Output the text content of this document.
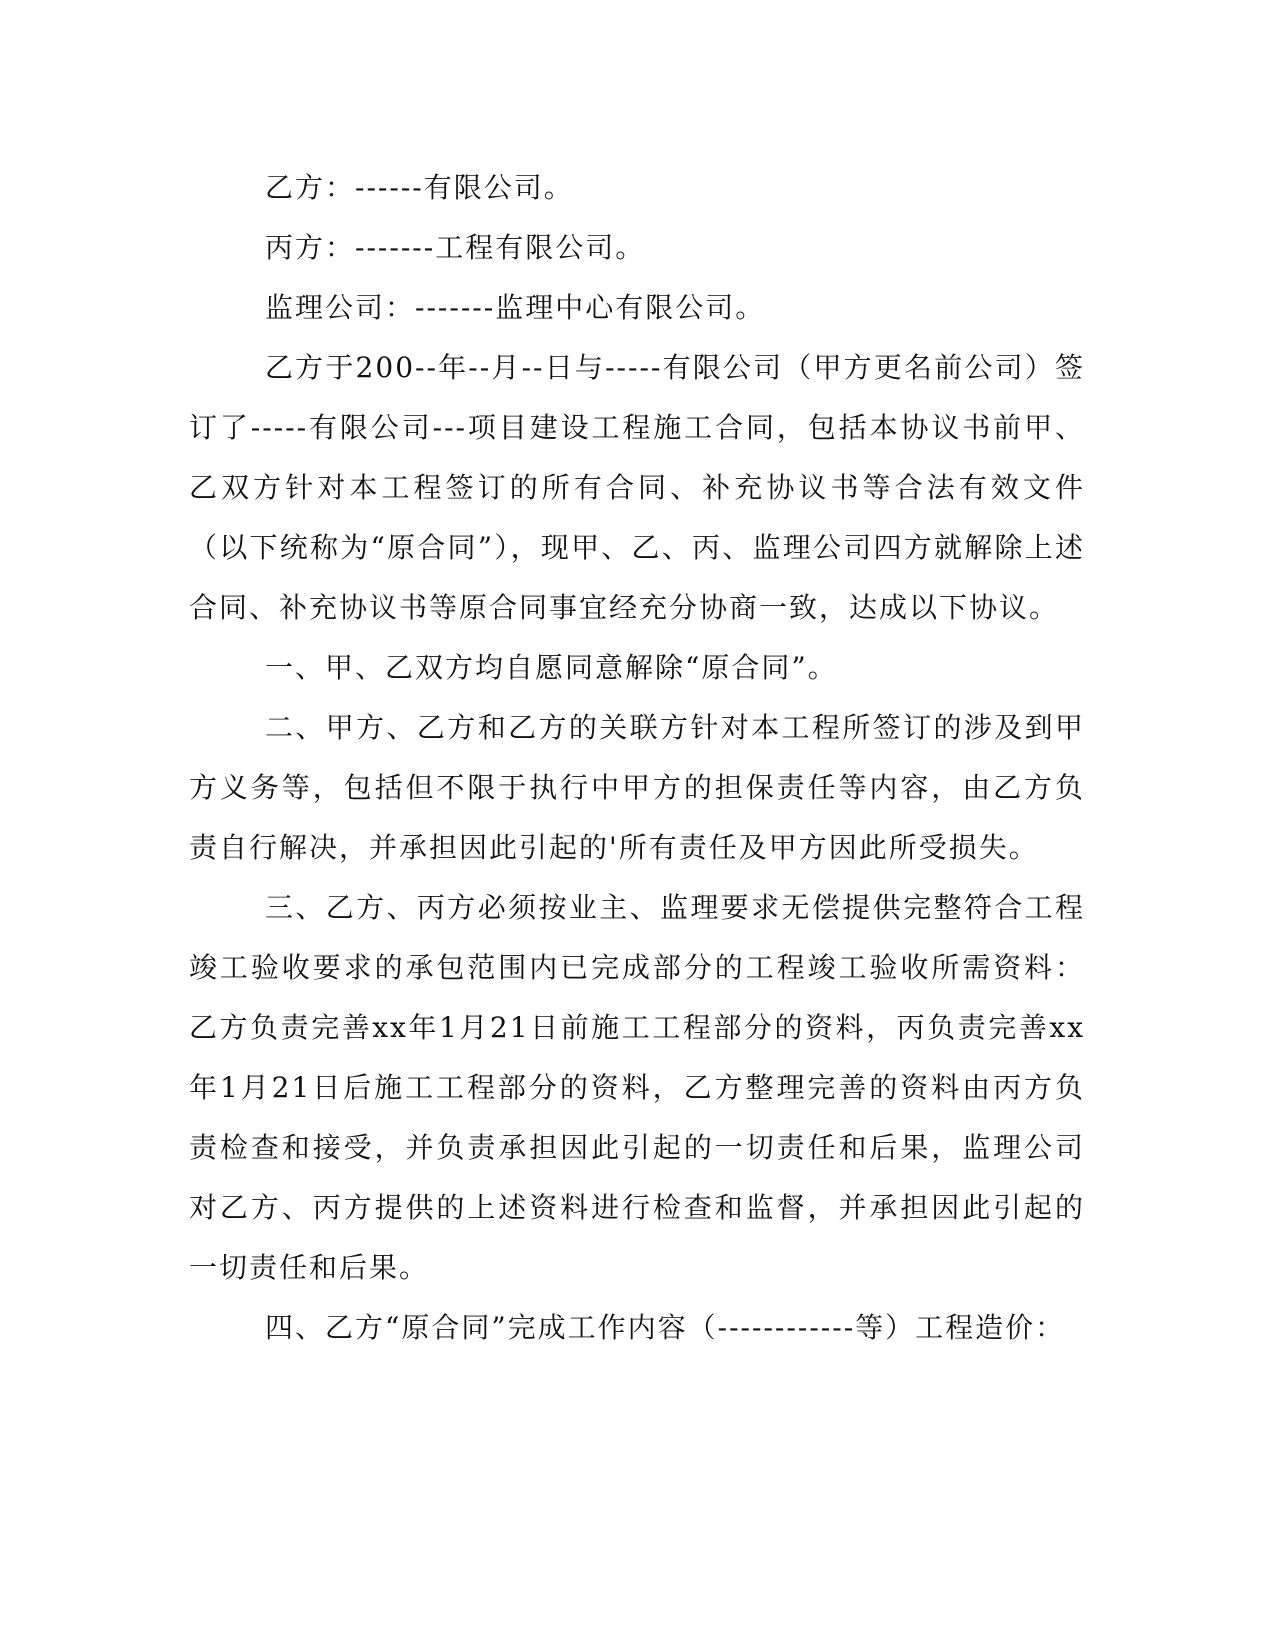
乙方：------有限公司。

丙方：-------工程有限公司。

监理公司：-------监理中心有限公司。

乙方于200--年--月--日与-----有限公司（甲方更名前公司）签订了-----有限公司---项目建设工程施工合同，包括本协议书前甲、乙双方针对本工程签订的所有合同、补充协议书等合法有效文件（以下统称为“原合同”），现甲、乙、丙、监理公司四方就解除上述合同、补充协议书等原合同事宜经充分协商一致，达成以下协议。

一、甲、乙双方均自愿同意解除“原合同”。

二、甲方、乙方和乙方的关联方针对本工程所签订的涉及到甲方义务等，包括但不限于执行中甲方的担保责任等内容，由乙方负责自行解决，并承担因此引起的'所有责任及甲方因此所受损失。

三、乙方、丙方必须按业主、监理要求无偿提供完整符合工程竣工验收要求的承包范围内已完成部分的工程竣工验收所需资料：乙方负责完善xx年1月21日前施工工程部分的资料，丙负责完善xx年1月21日后施工工程部分的资料，乙方整理完善的资料由丙方负责检查和接受，并负责承担因此引起的一切责任和后果，监理公司对乙方、丙方提供的上述资料进行检查和监督，并承担因此引起的一切责任和后果。

四、乙方“原合同”完成工作内容（------------等）工程造价：
